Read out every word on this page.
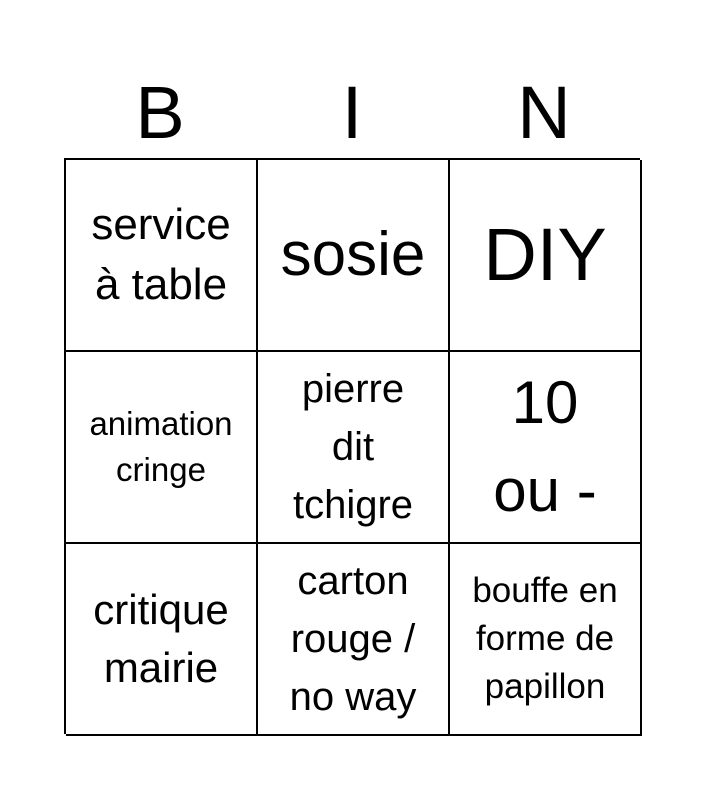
B	I	N
service à table sosie DIY
animation cringe
pierre dit tchigre
10 ou -
critique mairie
carton rouge / no way
bouffe en forme de papillon
